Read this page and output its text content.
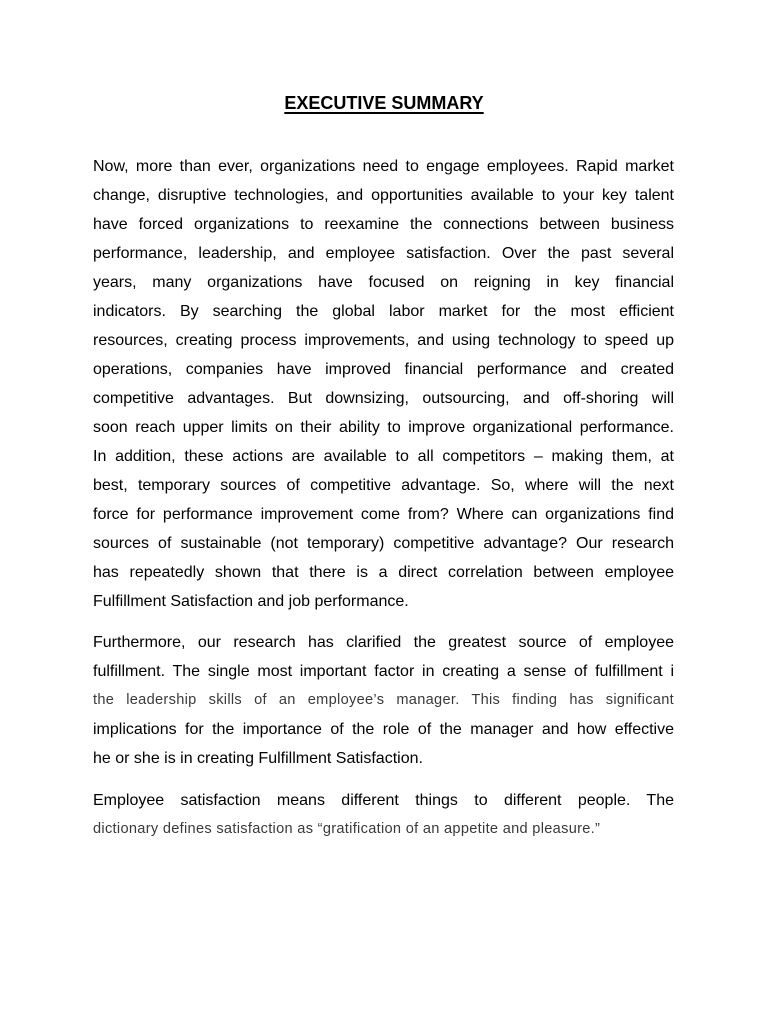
EXECUTIVE SUMMARY
Now, more than ever, organizations need to engage employees. Rapid market
change, disruptive technologies, and opportunities available to your key talent
have forced organizations to reexamine the connections between business
performance, leadership, and employee satisfaction. Over the past several
years, many organizations have focused on reigning in key financial
indicators. By searching the global labor market for the most efficient
resources, creating process improvements, and using technology to speed up
operations, companies have improved financial performance and created
competitive advantages. But downsizing, outsourcing, and off-shoring will
soon reach upper limits on their ability to improve organizational performance.
In addition, these actions are available to all competitors – making them, at
best, temporary sources of competitive advantage. So, where will the next
force for performance improvement come from? Where can organizations find
sources of sustainable (not temporary) competitive advantage? Our research
has repeatedly shown that there is a direct correlation between employee
Fulfillment Satisfaction and job performance.
Furthermore, our research has clarified the greatest source of employee
fulfillment. The single most important factor in creating a sense of fulfillment i
the leadership skills of an employee’s manager. This finding has significant
implications for the importance of the role of the manager and how effective
he or she is in creating Fulfillment Satisfaction.
Employee satisfaction means different things to different people. The
dictionary defines satisfaction as “gratification of an appetite and pleasure.”
